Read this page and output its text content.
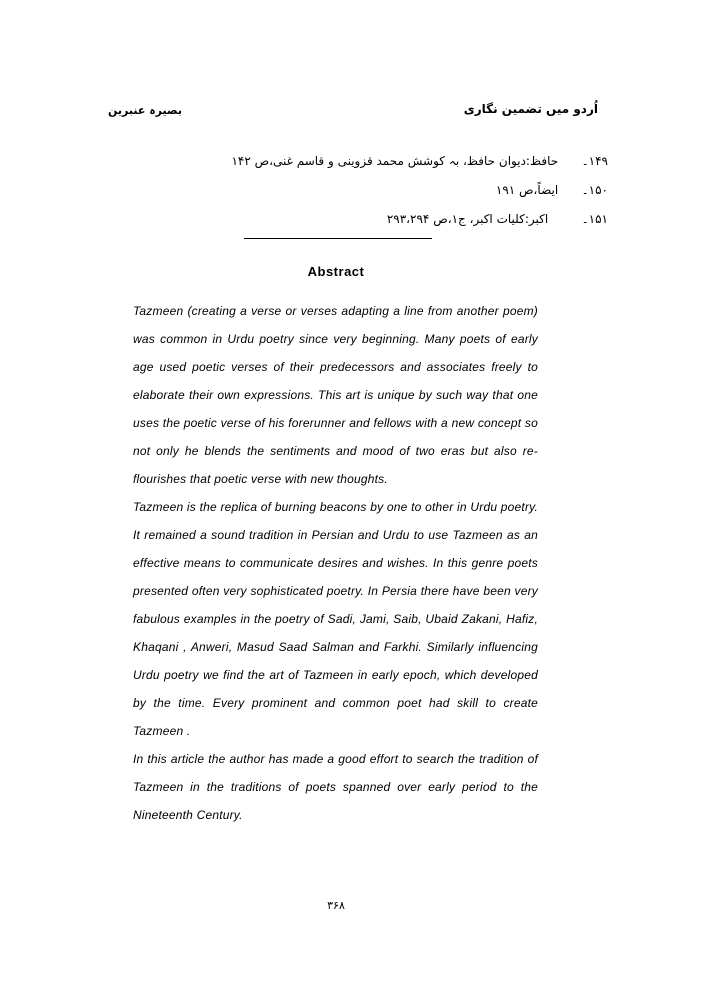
بصیرہ عنبرین	اُردو میں تضمین نگاری
۱۴۹۔ حافظ:دیوان حافظ، بہ کوشش محمد قزوینی و قاسم غنی،ص ۱۴۲
۱۵۰۔ ایضاً،ص ۱۹۱
۱۵۱۔ اکبر:کلیات اکبر، ج۱،ص ۲۹۳،۲۹۴
Abstract

Tazmeen (creating a verse or verses adapting a line from another poem) was common in Urdu poetry since very beginning. Many poets of early age used poetic verses of their predecessors and associates freely to elaborate their own expressions. This art is unique by such way that one uses the poetic verse of his forerunner and fellows with a new concept so not only he blends the sentiments and mood of two eras but also re-flourishes that poetic verse with new thoughts.

Tazmeen is the replica of burning beacons by one to other in Urdu poetry. It remained a sound tradition in Persian and Urdu to use Tazmeen as an effective means to communicate desires and wishes. In this genre poets presented often very sophisticated poetry. In Persia there have been very fabulous examples in the poetry of Sadi, Jami, Saib, Ubaid Zakani, Hafiz, Khaqani , Anweri, Masud Saad Salman and Farkhi. Similarly influencing Urdu poetry we find the art of Tazmeen in early epoch, which developed by the time. Every prominent and common poet had skill to create Tazmeen .

In this article the author has made a good effort to search the tradition of Tazmeen in the traditions of poets spanned over early period to the Nineteenth Century.

۳۶۸
